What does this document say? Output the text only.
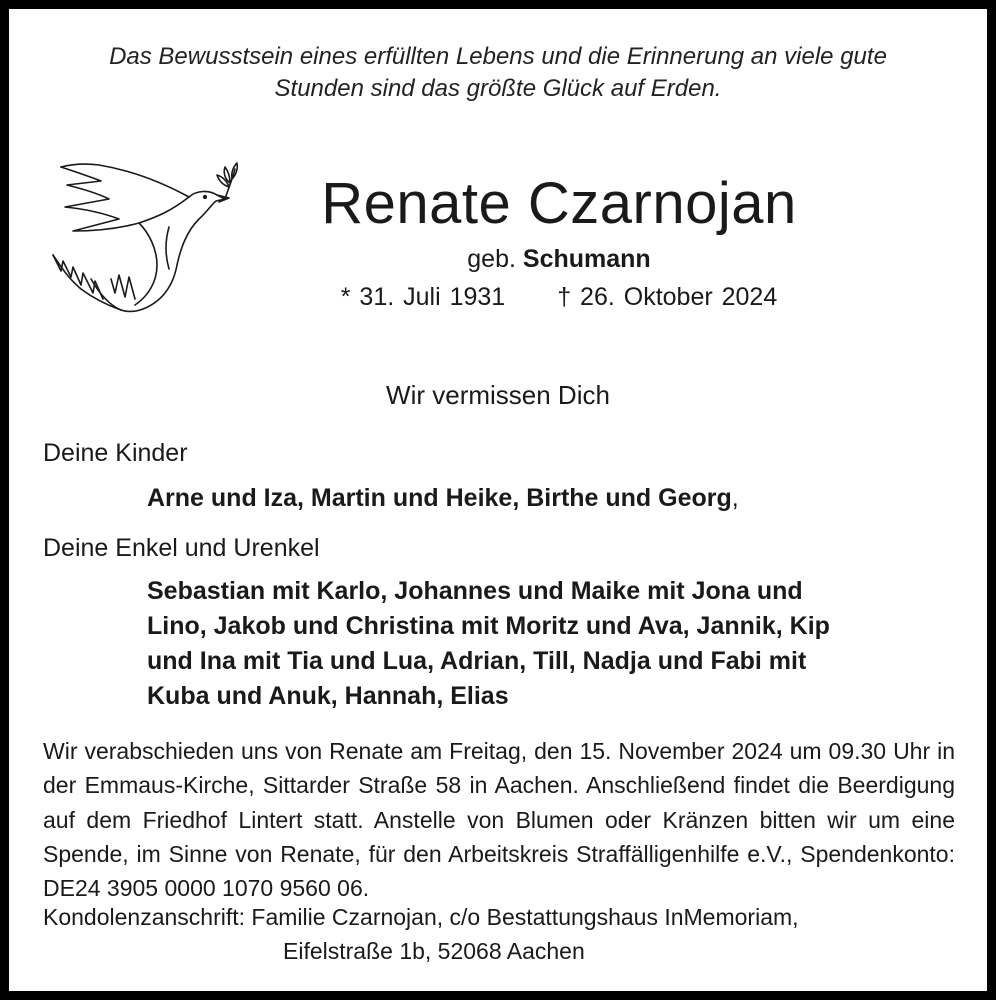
Das Bewusstsein eines erfüllten Lebens und die Erinnerung an viele gute
Stunden sind das größte Glück auf Erden.
Renate Czarnojan
geb. Schumann
* 31. Juli 1931 † 26. Oktober 2024
Wir vermissen Dich
Deine Kinder
Arne und Iza, Martin und Heike, Birthe und Georg,
Deine Enkel und Urenkel
Sebastian mit Karlo, Johannes und Maike mit Jona und
Lino, Jakob und Christina mit Moritz und Ava, Jannik, Kip
und Ina mit Tia und Lua, Adrian, Till, Nadja und Fabi mit
Kuba und Anuk, Hannah, Elias
Wir verabschieden uns von Renate am Freitag, den 15. November 2024 um 09.30 Uhr in der Emmaus-Kirche, Sittarder Straße 58 in Aachen. Anschließend findet die Beerdigung auf dem Friedhof Lintert statt. Anstelle von Blumen oder Kränzen bitten wir um eine Spende, im Sinne von Renate, für den Arbeitskreis Straffälligenhilfe e.V., Spendenkonto: DE24 3905 0000 1070 9560 06.
Kondolenzanschrift: Familie Czarnojan, c/o Bestattungshaus InMemoriam,
Eifelstraße 1b, 52068 Aachen
